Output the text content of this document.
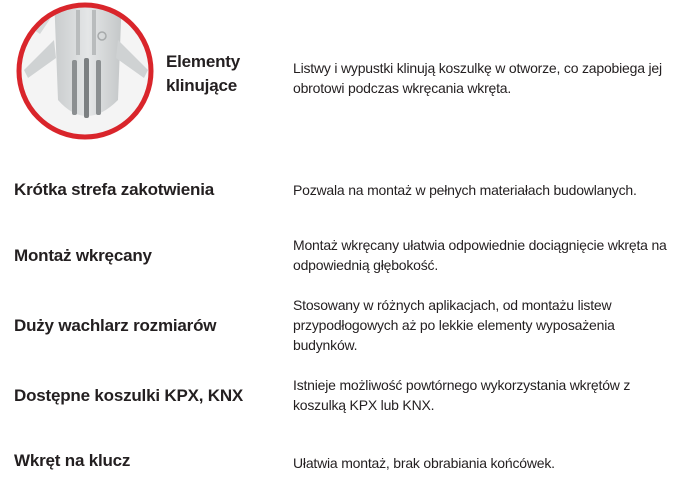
Elementy klinujące
Listwy i wypustki klinują koszulkę w otworze, co zapobiega jej obrotowi podczas wkręcania wkręta.
Krótka strefa zakotwienia	Pozwala na montaż w pełnych materiałach budowlanych.
Montaż wkręcany
Montaż wkręcany ułatwia odpowiednie dociągnięcie wkręta na odpowiednią głębokość.
Duży wachlarz rozmiarów
Stosowany w różnych aplikacjach, od montażu listew przypodłogowych aż po lekkie elementy wyposażenia budynków.
Dostępne koszulki KPX, KNX
Istnieje możliwość powtórnego wykorzystania wkrętów z koszulką KPX lub KNX.
Wkręt na klucz	Ułatwia montaż, brak obrabiania końcówek.
